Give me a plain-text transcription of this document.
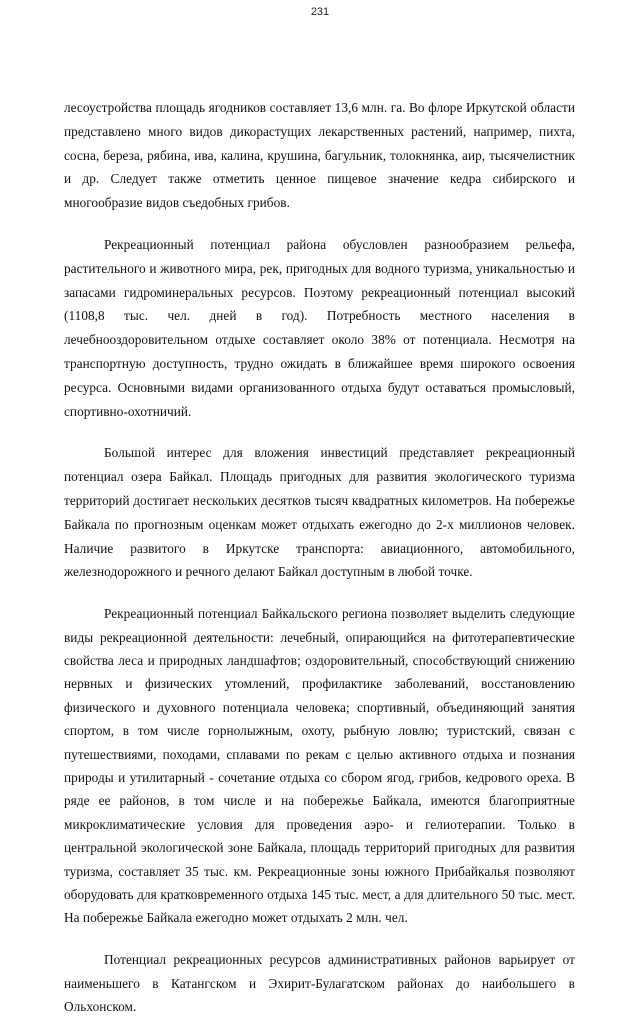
231

лесоустройства площадь ягодников составляет 13,6 млн. га. Во флоре Иркутской области представлено много видов дикорастущих лекарственных растений, например, пихта, сосна, береза, рябина, ива, калина, крушина, багульник, толокнянка, аир, тысячелистник и др. Следует также отметить ценное пищевое значение кедра сибирского и многообразие видов съедобных грибов.

Рекреационный потенциал района обусловлен разнообразием рельефа, растительного и животного мира, рек, пригодных для водного туризма, уникальностью и запасами гидроминеральных ресурсов. Поэтому рекреационный потенциал высокий (1108,8 тыс. чел. дней в год). Потребность местного населения в лечебнооздоровительном отдыхе составляет около 38% от потенциала. Несмотря на транспортную доступность, трудно ожидать в ближайшее время широкого освоения ресурса. Основными видами организованного отдыха будут оставаться промысловый, спортивно-охотничий.

Большой интерес для вложения инвестиций представляет рекреационный потенциал озера Байкал. Площадь пригодных для развития экологического туризма территорий достигает нескольких десятков тысяч квадратных километров. На побережье Байкала по прогнозным оценкам может отдыхать ежегодно до 2-х миллионов человек. Наличие развитого в Иркутске транспорта: авиационного, автомобильного, железнодорожного и речного делают Байкал доступным в любой точке.

Рекреационный потенциал Байкальского региона позволяет выделить следующие виды рекреационной деятельности: лечебный, опирающийся на фитотерапевтические свойства леса и природных ландшафтов; оздоровительный, способствующий снижению нервных и физических утомлений, профилактике заболеваний, восстановлению физического и духовного потенциала человека; спортивный, объединяющий занятия спортом, в том числе горнолыжным, охоту, рыбную ловлю; туристский, связан с путешествиями, походами, сплавами по рекам с целью активного отдыха и познания природы и утилитарный - сочетание отдыха со сбором ягод, грибов, кедрового ореха. В ряде ее районов, в том числе и на побережье Байкала, имеются благоприятные микроклиматические условия для проведения аэро- и гелиотерапии. Только в центральной экологической зоне Байкала, площадь территорий пригодных для развития туризма, составляет 35 тыс. км. Рекреационные зоны южного Прибайкалья позволяют оборудовать для кратковременного отдыха 145 тыс. мест, а для длительного 50 тыс. мест. На побережье Байкала ежегодно может отдыхать 2 млн. чел.

Потенциал рекреационных ресурсов административных районов варьирует от наименьшего в Катангском и Эхирит-Булагатском районах до наибольшего в Ольхонском.
